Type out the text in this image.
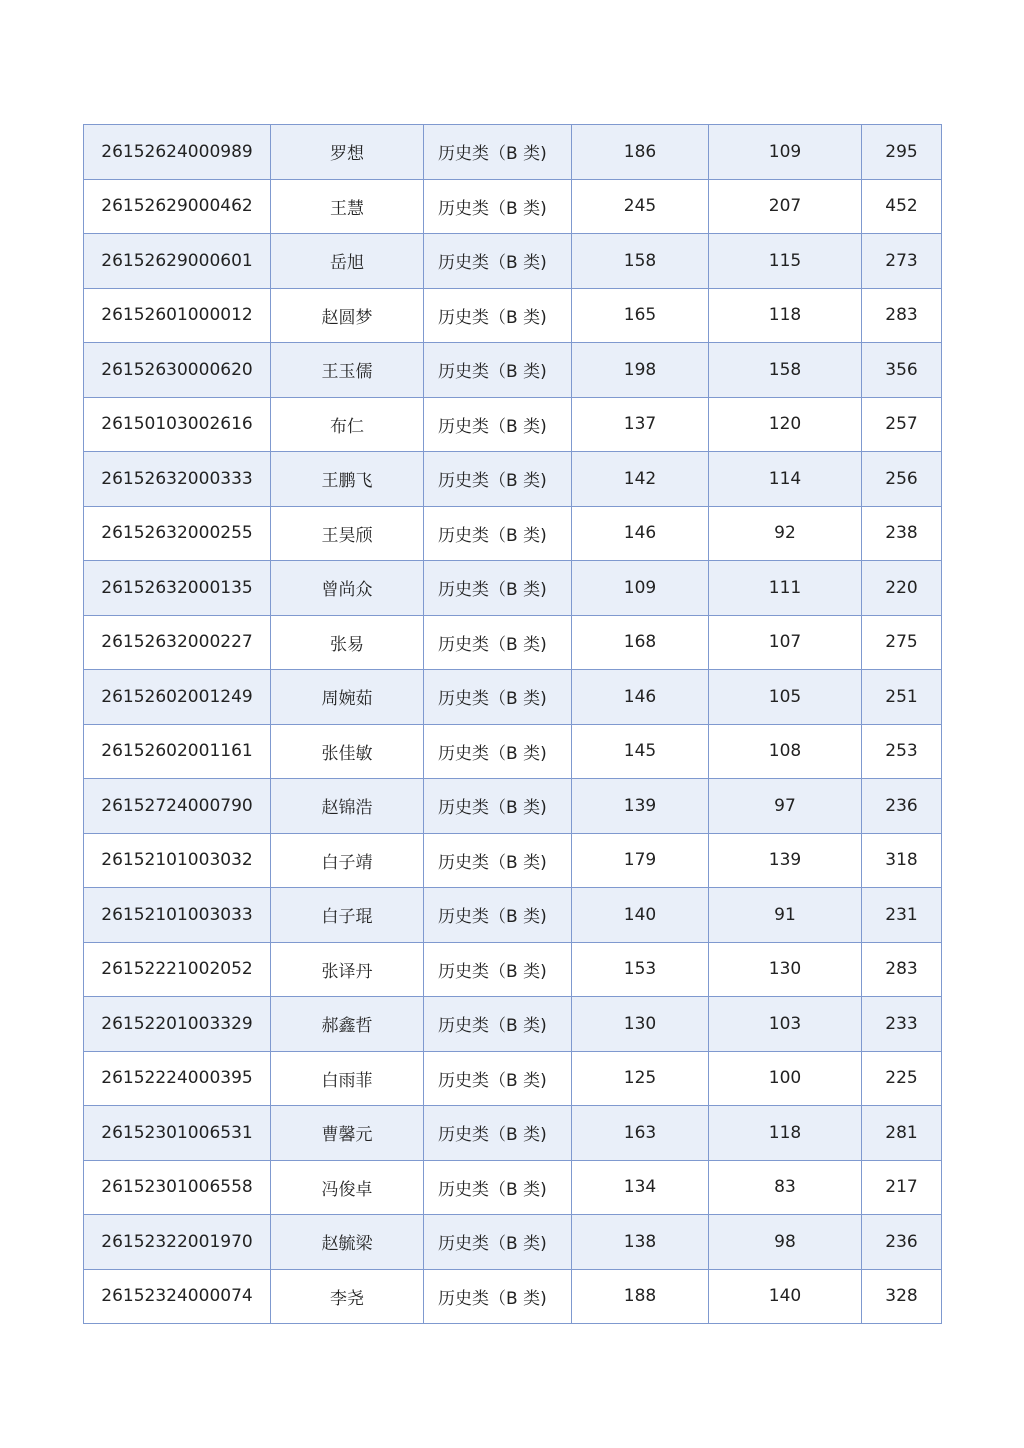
26152624000989	罗想	历史类（B 类)	186	109	295
26152629000462	王慧	历史类（B 类)	245	207	452
26152629000601	岳旭	历史类（B 类)	158	115	273
26152601000012	赵圆梦	历史类（B 类)	165	118	283
26152630000620	王玉儒	历史类（B 类)	198	158	356
26150103002616	布仁	历史类（B 类)	137	120	257
26152632000333	王鹏飞	历史类（B 类)	142	114	256
26152632000255	王昊颀	历史类（B 类)	146	92	238
26152632000135	曾尚众	历史类（B 类)	109	111	220
26152632000227	张易	历史类（B 类)	168	107	275
26152602001249	周婉茹	历史类（B 类)	146	105	251
26152602001161	张佳敏	历史类（B 类)	145	108	253
26152724000790	赵锦浩	历史类（B 类)	139	97	236
26152101003032	白子靖	历史类（B 类)	179	139	318
26152101003033	白子琨	历史类（B 类)	140	91	231
26152221002052	张译丹	历史类（B 类)	153	130	283
26152201003329	郝鑫哲	历史类（B 类)	130	103	233
26152224000395	白雨菲	历史类（B 类)	125	100	225
26152301006531	曹馨元	历史类（B 类)	163	118	281
26152301006558	冯俊卓	历史类（B 类)	134	83	217
26152322001970	赵毓梁	历史类（B 类)	138	98	236
26152324000074	李尧	历史类（B 类)	188	140	328
